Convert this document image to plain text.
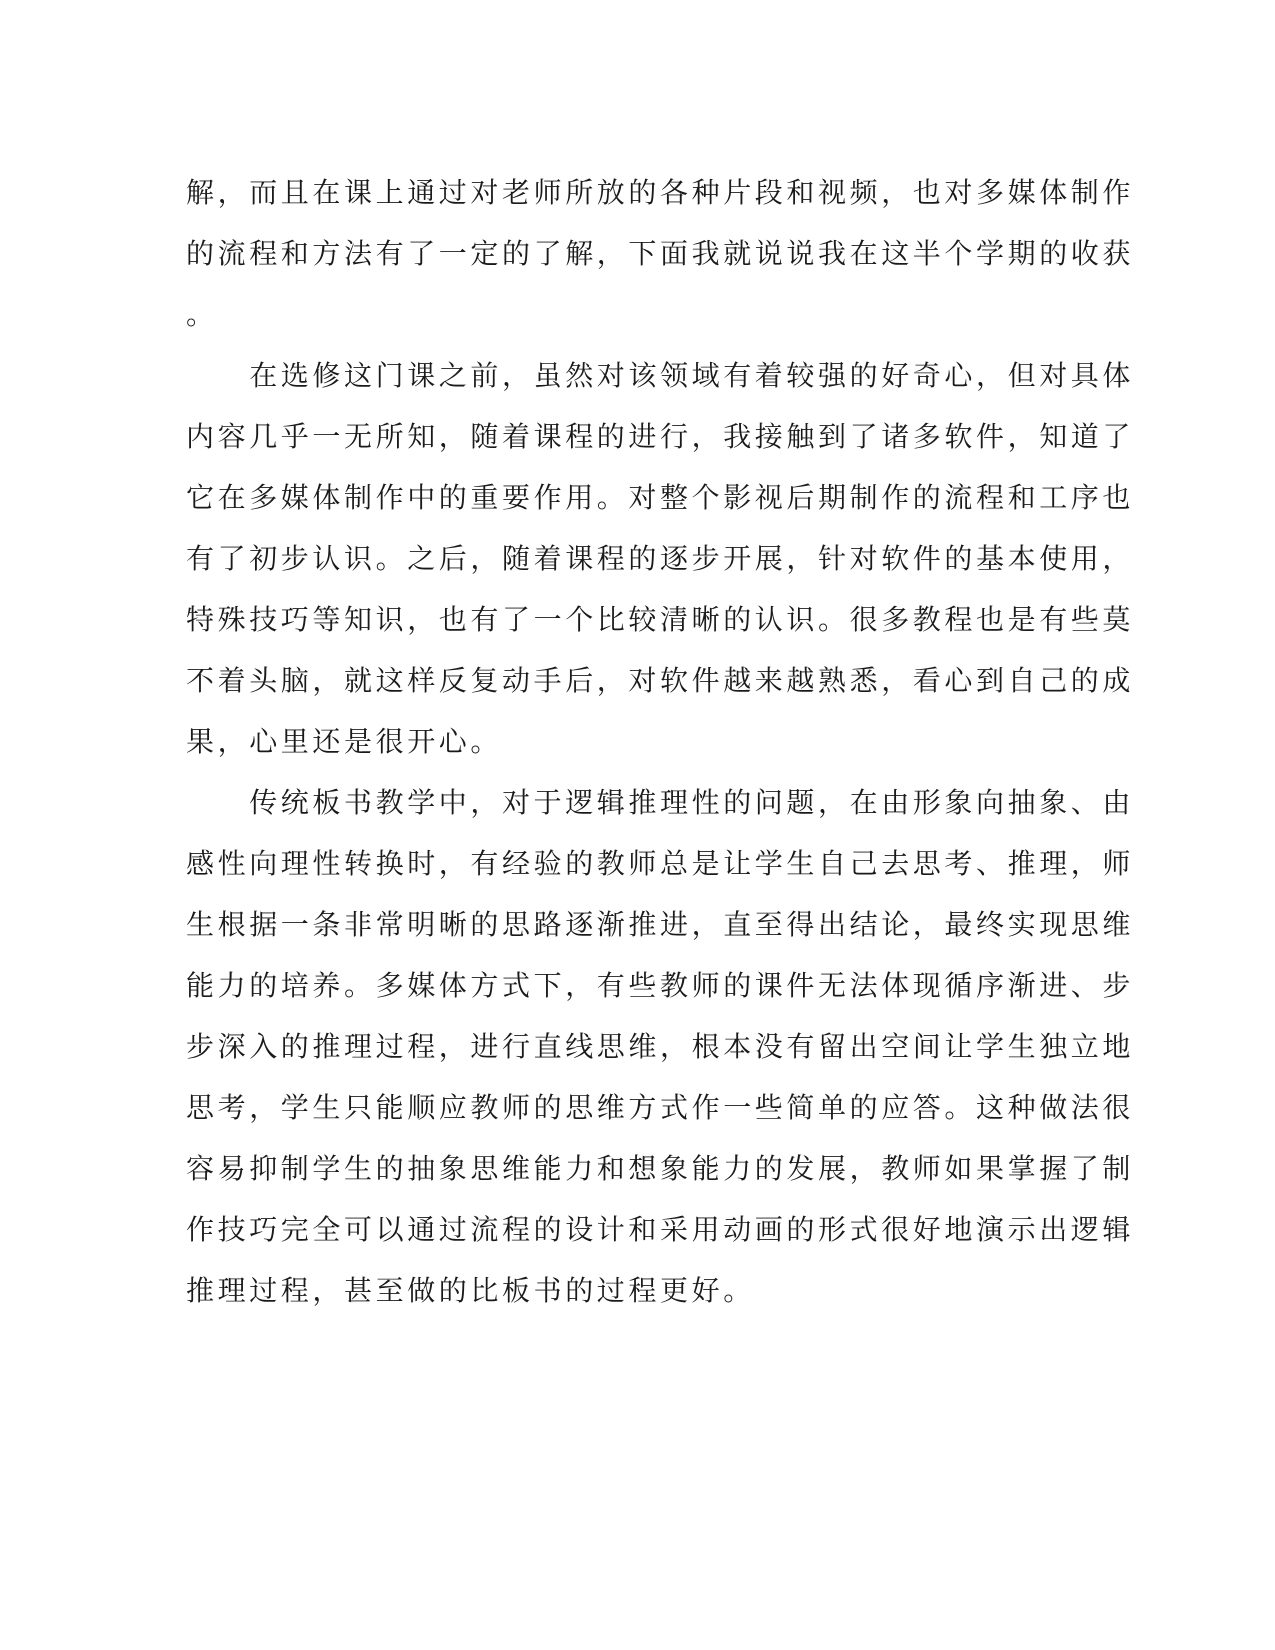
解，而且在课上通过对老师所放的各种片段和视频，也对多媒体制作
的流程和方法有了一定的了解，下面我就说说我在这半个学期的收获
。
　　在选修这门课之前，虽然对该领域有着较强的好奇心，但对具体
内容几乎一无所知，随着课程的进行，我接触到了诸多软件，知道了
它在多媒体制作中的重要作用。对整个影视后期制作的流程和工序也
有了初步认识。之后，随着课程的逐步开展，针对软件的基本使用，
特殊技巧等知识，也有了一个比较清晰的认识。很多教程也是有些莫
不着头脑，就这样反复动手后，对软件越来越熟悉，看心到自己的成
果，心里还是很开心。
　　传统板书教学中，对于逻辑推理性的问题，在由形象向抽象、由
感性向理性转换时，有经验的教师总是让学生自己去思考、推理，师
生根据一条非常明晰的思路逐渐推进，直至得出结论，最终实现思维
能力的培养。多媒体方式下，有些教师的课件无法体现循序渐进、步
步深入的推理过程，进行直线思维，根本没有留出空间让学生独立地
思考，学生只能顺应教师的思维方式作一些简单的应答。这种做法很
容易抑制学生的抽象思维能力和想象能力的发展，教师如果掌握了制
作技巧完全可以通过流程的设计和采用动画的形式很好地演示出逻辑
推理过程，甚至做的比板书的过程更好。
